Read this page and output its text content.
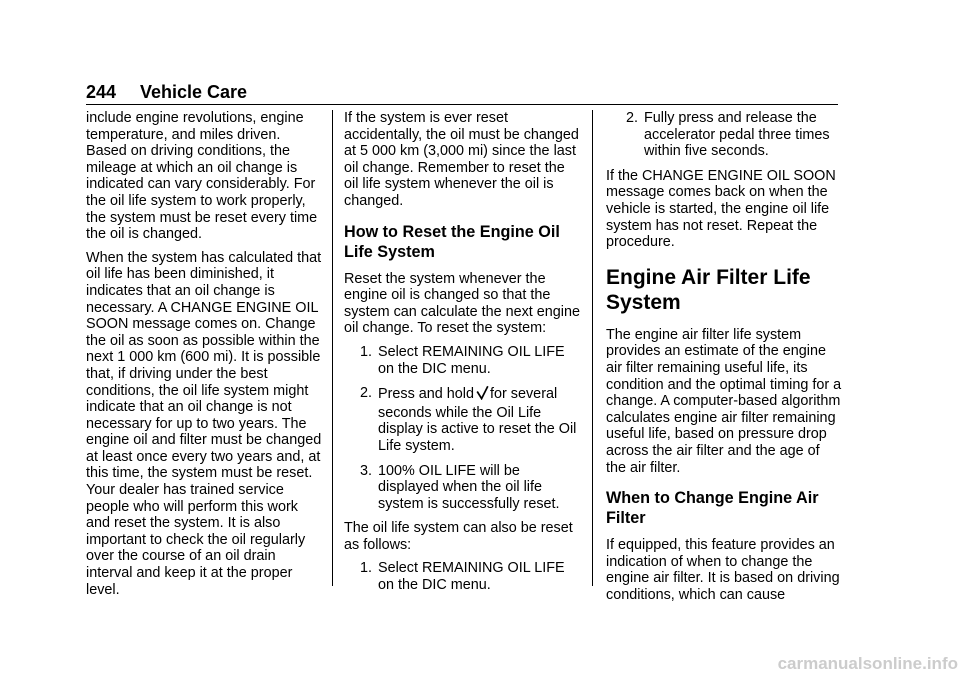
244 Vehicle Care

include engine revolutions, engine temperature, and miles driven. Based on driving conditions, the mileage at which an oil change is indicated can vary considerably. For the oil life system to work properly, the system must be reset every time the oil is changed.

When the system has calculated that oil life has been diminished, it indicates that an oil change is necessary. A CHANGE ENGINE OIL SOON message comes on. Change the oil as soon as possible within the next 1 000 km (600 mi). It is possible that, if driving under the best conditions, the oil life system might indicate that an oil change is not necessary for up to two years. The engine oil and filter must be changed at least once every two years and, at this time, the system must be reset. Your dealer has trained service people who will perform this work and reset the system. It is also important to check the oil regularly over the course of an oil drain interval and keep it at the proper level.

If the system is ever reset accidentally, the oil must be changed at 5 000 km (3,000 mi) since the last oil change. Remember to reset the oil life system whenever the oil is changed.

How to Reset the Engine Oil Life System

Reset the system whenever the engine oil is changed so that the system can calculate the next engine oil change. To reset the system:

1. Select REMAINING OIL LIFE on the DIC menu.
2. Press and hold for several seconds while the Oil Life display is active to reset the Oil Life system.
3. 100% OIL LIFE will be displayed when the oil life system is successfully reset.

The oil life system can also be reset as follows:

1. Select REMAINING OIL LIFE on the DIC menu.
2. Fully press and release the accelerator pedal three times within five seconds.

If the CHANGE ENGINE OIL SOON message comes back on when the vehicle is started, the engine oil life system has not reset. Repeat the procedure.

Engine Air Filter Life System

The engine air filter life system provides an estimate of the engine air filter remaining useful life, its condition and the optimal timing for a change. A computer-based algorithm calculates engine air filter remaining useful life, based on pressure drop across the air filter and the age of the air filter.

When to Change Engine Air Filter

If equipped, this feature provides an indication of when to change the engine air filter. It is based on driving conditions, which can cause

carmanualsonline.info
